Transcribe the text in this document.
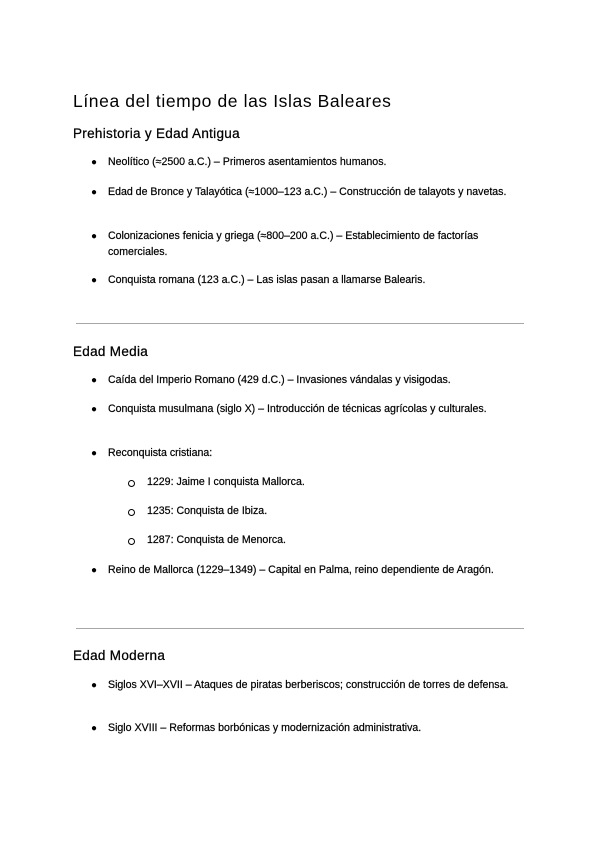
Línea del tiempo de las Islas Baleares
Prehistoria y Edad Antigua
● Neolítico (≈2500 a.C.) – Primeros asentamientos humanos.
● Edad de Bronce y Talayótica (≈1000–123 a.C.) – Construcción de talayots y navetas.
● Colonizaciones fenicia y griega (≈800–200 a.C.) – Establecimiento de factorías comerciales.
● Conquista romana (123 a.C.) – Las islas pasan a llamarse Balearis.
Edad Media
● Caída del Imperio Romano (429 d.C.) – Invasiones vándalas y visigodas.
● Conquista musulmana (siglo X) – Introducción de técnicas agrícolas y culturales.
● Reconquista cristiana:
1229: Jaime I conquista Mallorca.
1235: Conquista de Ibiza.
1287: Conquista de Menorca.
● Reino de Mallorca (1229–1349) – Capital en Palma, reino dependiente de Aragón.
Edad Moderna
● Siglos XVI–XVII – Ataques de piratas berberiscos; construcción de torres de defensa.
● Siglo XVIII – Reformas borbónicas y modernización administrativa.
